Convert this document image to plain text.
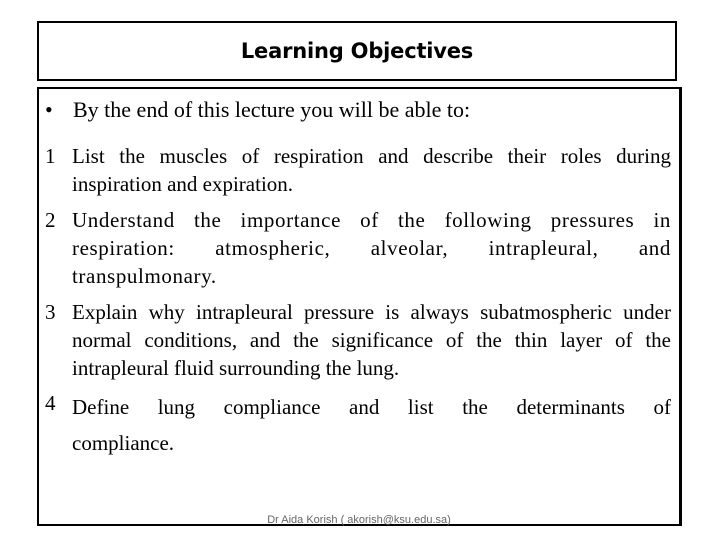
Learning Objectives
• By the end of this lecture you will be able to:
1 List the muscles of respiration and describe their roles during inspiration and expiration.
2 Understand the importance of the following pressures in respiration: atmospheric, alveolar, intrapleural, and transpulmonary.
3 Explain why intrapleural pressure is always subatmospheric under normal conditions, and the significance of the thin layer of the intrapleural fluid surrounding the lung.
4 Define lung compliance and list the determinants of compliance.
Dr Aida Korish ( akorish@ksu.edu.sa)
